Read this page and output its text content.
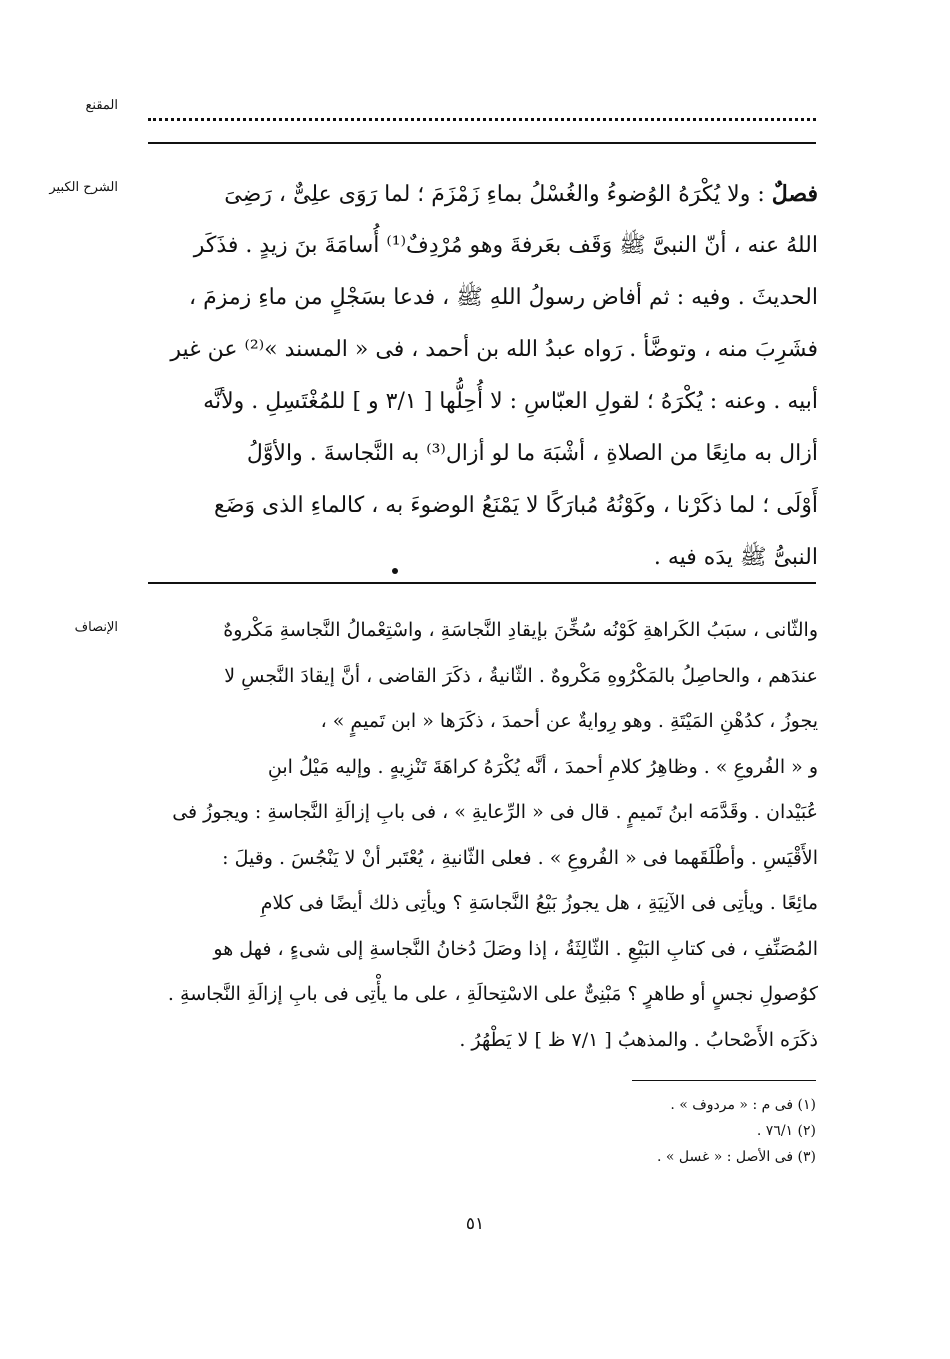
المقنع
الشرح الكبير	فصلٌ : ولا يُكْرَهُ الوُضوءُ والغُسْلُ بماءِ زَمْزَمَ ؛ لما رَوَى علِىٌّ ، رَضِىَ
اللهُ عنه ، أنّ النبىَّ ﷺ وَقَف بعَرفةَ وهو مُرْدِفٌ⁽¹⁾ أُسامَةَ بنَ زيدٍ . فذَكَر
الحديثَ . وفيه : ثم أفاض رسولُ اللهِ ﷺ ، فدعا بسَجْلٍ من ماءِ زمزمَ ،
فشَرِبَ منه ، وتوضَّأ . رَواه عبدُ الله بن أحمد ، فى « المسند »⁽²⁾ عن غير
أبيه . وعنه : يُكْرَهُ ؛ لقولِ العبّاسِ : لا أُحِلُّها [ ٣/١ و ] للمُغْتَسِلِ . ولأنَّه
أزال به مانِعًا من الصلاةِ ، أشْبَهَ ما لو أزال⁽³⁾ به النَّجاسةَ . والأوَّلُ
أَوْلَى ؛ لما ذكَرْنا ، وكَوْنُهُ مُبارَكًا لا يَمْنَعُ الوضوءَ به ، كالماءِ الذى وَضَع
النبىُّ ﷺ يدَه فيه .
الإنصاف	والثّانى ، سبَبُ الكَراهةِ كَوْنُه سُخِّنَ بإيقادِ النَّجاسَةِ ، واسْتِعْمالُ النَّجاسةِ مَكْروهٌ
عندَهم ، والحاصِلُ بالمَكْرُوهِ مَكْروهٌ . الثّانيةُ ، ذكَرَ القاضى ، أنَّ إيقادَ النَّجسِ لا
يجوزُ ، كدُهْنِ المَيْتَةِ . وهو رِوايةٌ عن أحمدَ ، ذكَرَها « ابن تَميمٍ » ،
و « الفُروعِ » . وظاهِرُ كلامِ أحمدَ ، أنَّه يُكْرَهُ كراهَةَ تَنْزِيهٍ . وإليه مَيْلُ ابنِ
عُبَيْدان . وقَدَّمَه ابنُ تَميمٍ . قال فى « الرِّعايةِ » ، فى بابِ إزالَةِ النَّجاسةِ : ويجوزُ فى
الأَقْيَسِ . وأطْلَقَهما فى « الفُروعِ » . فعلى الثّانيةِ ، يُعْتَبر أنْ لا يَنْجُسَ . وقيلَ :
مائِعًا . ويأتِى فى الآنِيَةِ ، هل يجوزُ بَيْعُ النَّجاسَةِ ؟ ويأتِى ذلك أيضًا فى كلامِ
المُصَنِّفِ ، فى كتابِ البَيْعِ . الثّالِثَةُ ، إذا وصَلَ دُخانُ النَّجاسةِ إلى شىءٍ ، فهل هو
كوُصولِ نجسٍ أو طاهرٍ ؟ مَبْنِىٌّ على الاسْتِحالَةِ ، على ما يأْتِى فى بابِ إزالَةِ النَّجاسةِ .
ذكَرَه الأَصْحابُ . والمذهبُ [ ٧/١ ظ ] لا يَطْهُرُ .
(١) فى م : « مردوف » .
(٢) ٧٦/١ .
(٣) فى الأصل : « غسل » .
٥١
